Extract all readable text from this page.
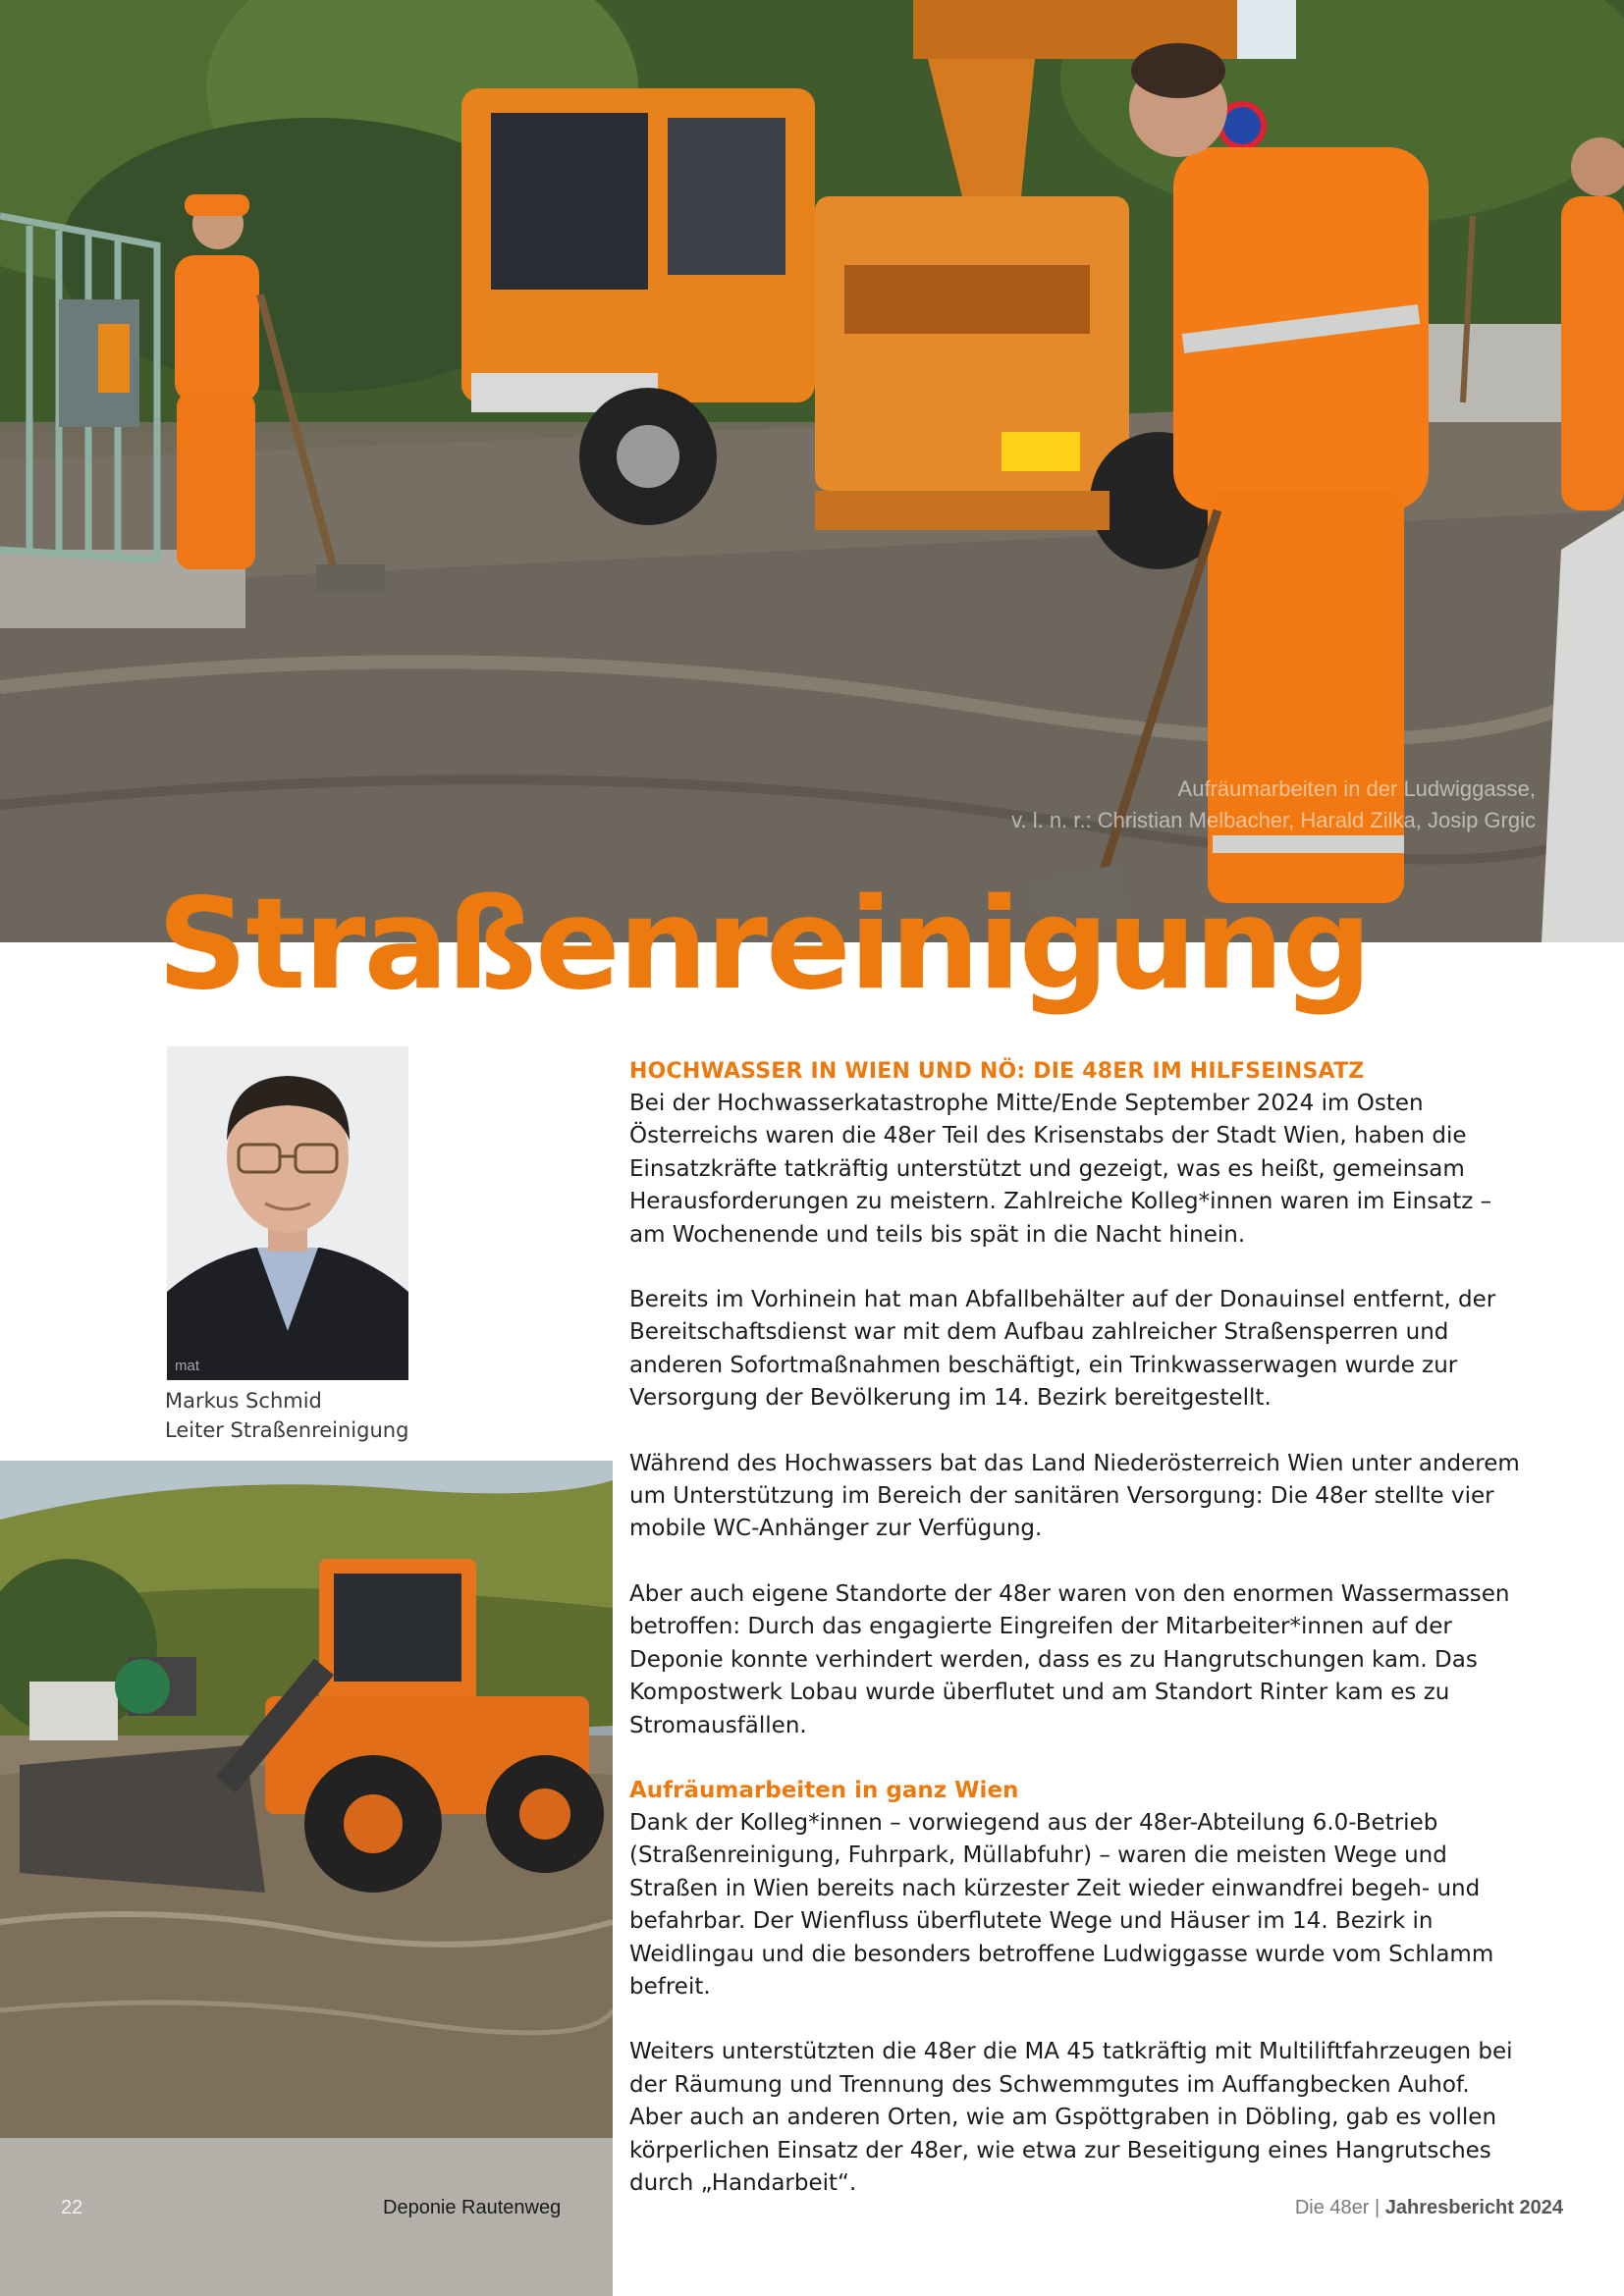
Aufräumarbeiten in der Ludwiggasse,
v. l. n. r.: Christian Melbacher, Harald Zilka, Josip Grgic
Straßenreinigung
mat
Markus Schmid
Leiter Straßenreinigung
HOCHWASSER IN WIEN UND NÖ: DIE 48ER IM HILFSEINSATZ

Bei der Hochwasserkatastrophe Mitte/Ende September 2024 im Osten Österreichs waren die 48er Teil des Krisenstabs der Stadt Wien, haben die Einsatzkräfte tatkräftig unterstützt und gezeigt, was es heißt, gemeinsam Herausforderungen zu meistern. Zahlreiche Kolleg*innen waren im Einsatz – am Wochenende und teils bis spät in die Nacht hinein.

Bereits im Vorhinein hat man Abfallbehälter auf der Donauinsel entfernt, der Bereitschaftsdienst war mit dem Aufbau zahlreicher Straßensperren und anderen Sofortmaßnahmen beschäftigt, ein Trinkwasserwagen wurde zur Versorgung der Bevölkerung im 14. Bezirk bereitgestellt.

Während des Hochwassers bat das Land Niederösterreich Wien unter anderem um Unterstützung im Bereich der sanitären Versorgung: Die 48er stellte vier mobile WC-Anhänger zur Verfügung.

Aber auch eigene Standorte der 48er waren von den enormen Wassermassen betroffen: Durch das engagierte Eingreifen der Mitarbeiter*innen auf der Deponie konnte verhindert werden, dass es zu Hangrutschungen kam. Das Kompostwerk Lobau wurde überflutet und am Standort Rinter kam es zu Stromausfällen.

Aufräumarbeiten in ganz Wien

Dank der Kolleg*innen – vorwiegend aus der 48er-Abteilung 6.0-Betrieb (Straßenreinigung, Fuhrpark, Müllabfuhr) – waren die meisten Wege und Straßen in Wien bereits nach kürzester Zeit wieder einwandfrei begeh- und befahrbar. Der Wienfluss überflutete Wege und Häuser im 14. Bezirk in Weidlingau und die besonders betroffene Ludwiggasse wurde vom Schlamm befreit.

Weiters unterstützten die 48er die MA 45 tatkräftig mit Multiliftfahrzeugen bei der Räumung und Trennung des Schwemmgutes im Auffangbecken Auhof. Aber auch an anderen Orten, wie am Gspöttgraben in Döbling, gab es vollen körperlichen Einsatz der 48er, wie etwa zur Beseitigung eines Hangrutsches durch „Handarbeit“.

22	Deponie Rautenweg	Die 48er | Jahresbericht 2024
